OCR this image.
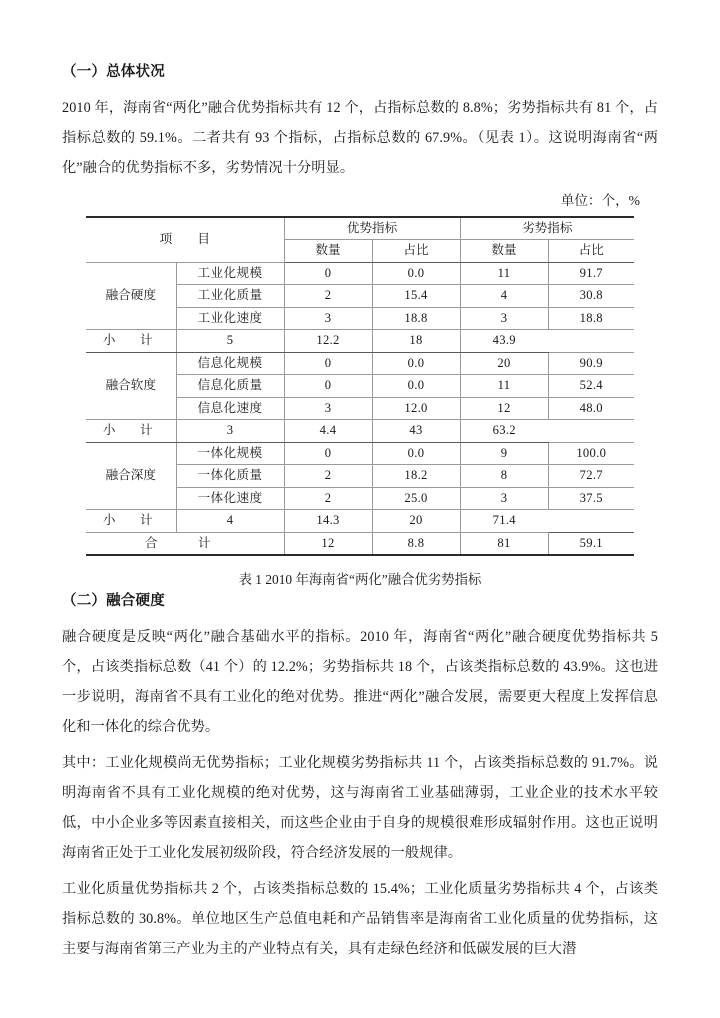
（一）总体状况

2010 年，海南省“两化”融合优势指标共有 12 个，占指标总数的 8.8%；劣势指标共有 81 个，占指标总数的 59.1%。二者共有 93 个指标，占指标总数的 67.9%。（见表 1）。这说明海南省“两化”融合的优势指标不多，劣势情况十分明显。

单位：个，%
项　　目		优势指标		劣势指标	
		数量	占比	数量	占比
融合硬度	工业化规模	0	0.0	11	91.7
	工业化质量	2	15.4	4	30.8
	工业化速度	3	18.8	3	18.8
小　计	5	12.2	18	43.9	
融合软度	信息化规模	0	0.0	20	90.9
	信息化质量	0	0.0	11	52.4
	信息化速度	3	12.0	12	48.0
小　计	3	4.4	43	63.2	
融合深度	一体化规模	0	0.0	9	100.0
	一体化质量	2	18.2	8	72.7
	一体化速度	2	25.0	3	37.5
小　计	4	14.3	20	71.4	
合　计		12	8.8	81	59.1
表 1 2010 年海南省“两化”融合优劣势指标
（二）融合硬度

融合硬度是反映“两化”融合基础水平的指标。2010 年，海南省“两化”融合硬度优势指标共 5 个，占该类指标总数（41 个）的 12.2%；劣势指标共 18 个，占该类指标总数的 43.9%。这也进一步说明，海南省不具有工业化的绝对优势。推进“两化”融合发展，需要更大程度上发挥信息化和一体化的综合优势。

其中：工业化规模尚无优势指标；工业化规模劣势指标共 11 个，占该类指标总数的 91.7%。说明海南省不具有工业化规模的绝对优势，这与海南省工业基础薄弱，工业企业的技术水平较低，中小企业多等因素直接相关，而这些企业由于自身的规模很难形成辐射作用。这也正说明海南省正处于工业化发展初级阶段，符合经济发展的一般规律。

工业化质量优势指标共 2 个，占该类指标总数的 15.4%；工业化质量劣势指标共 4 个，占该类指标总数的 30.8%。单位地区生产总值电耗和产品销售率是海南省工业化质量的优势指标，这主要与海南省第三产业为主的产业特点有关，具有走绿色经济和低碳发展的巨大潜
